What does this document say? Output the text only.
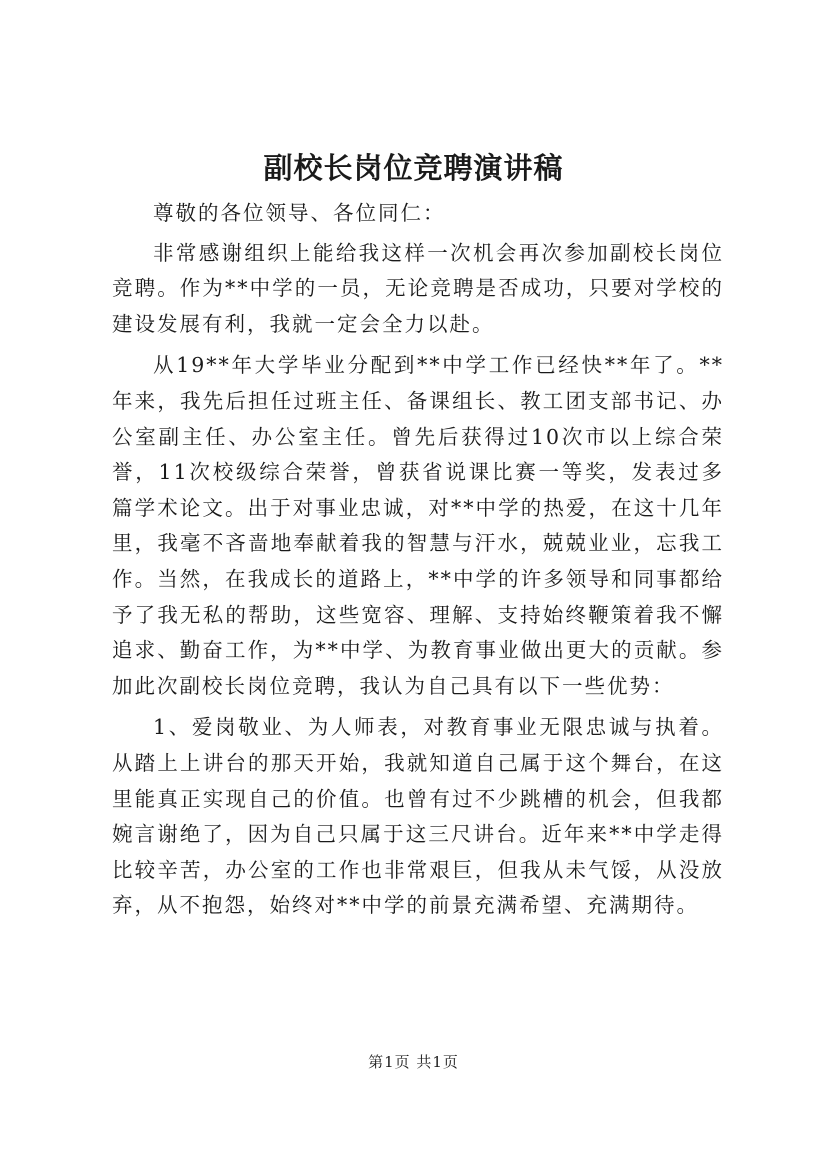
副校长岗位竞聘演讲稿

尊敬的各位领导、各位同仁：

非常感谢组织上能给我这样一次机会再次参加副校长岗位竞聘。作为**中学的一员，无论竞聘是否成功，只要对学校的建设发展有利，我就一定会全力以赴。

从19**年大学毕业分配到**中学工作已经快**年了。**年来，我先后担任过班主任、备课组长、教工团支部书记、办公室副主任、办公室主任。曾先后获得过10次市以上综合荣誉，11次校级综合荣誉，曾获省说课比赛一等奖，发表过多篇学术论文。出于对事业忠诚，对**中学的热爱，在这十几年里，我毫不吝啬地奉献着我的智慧与汗水，兢兢业业，忘我工作。当然，在我成长的道路上，**中学的许多领导和同事都给予了我无私的帮助，这些宽容、理解、支持始终鞭策着我不懈追求、勤奋工作，为**中学、为教育事业做出更大的贡献。参加此次副校长岗位竞聘，我认为自己具有以下一些优势：

1、爱岗敬业、为人师表，对教育事业无限忠诚与执着。从踏上上讲台的那天开始，我就知道自己属于这个舞台，在这里能真正实现自己的价值。也曾有过不少跳槽的机会，但我都婉言谢绝了，因为自己只属于这三尺讲台。近年来**中学走得比较辛苦，办公室的工作也非常艰巨，但我从未气馁，从没放弃，从不抱怨，始终对**中学的前景充满希望、充满期待。

第1页 共1页
